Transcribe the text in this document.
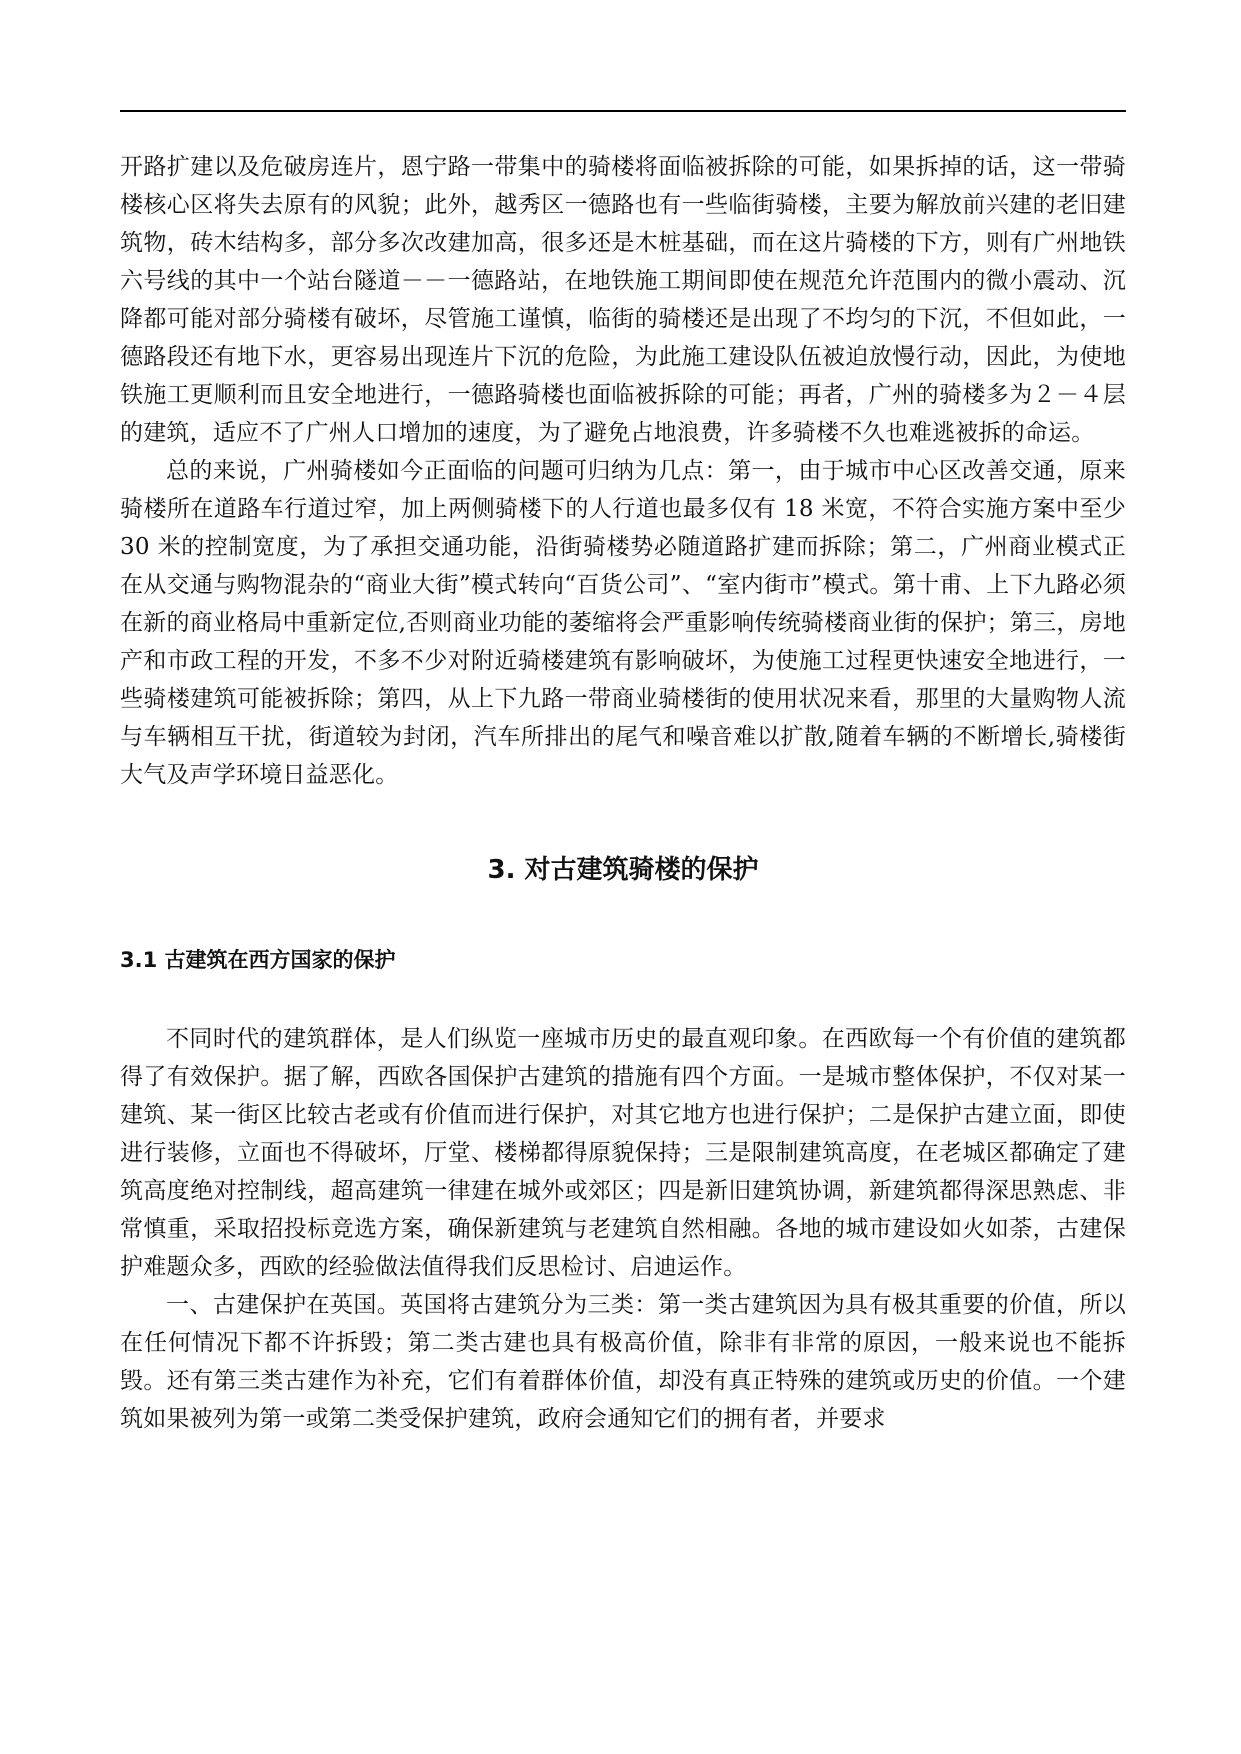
开路扩建以及危破房连片，恩宁路一带集中的骑楼将面临被拆除的可能，如果拆掉的话，这一带骑楼核心区将失去原有的风貌；此外，越秀区一德路也有一些临街骑楼，主要为解放前兴建的老旧建筑物，砖木结构多，部分多次改建加高，很多还是木桩基础，而在这片骑楼的下方，则有广州地铁六号线的其中一个站台隧道－－一德路站，在地铁施工期间即使在规范允许范围内的微小震动、沉降都可能对部分骑楼有破坏，尽管施工谨慎，临街的骑楼还是出现了不均匀的下沉，不但如此，一德路段还有地下水，更容易出现连片下沉的危险，为此施工建设队伍被迫放慢行动，因此，为使地铁施工更顺利而且安全地进行，一德路骑楼也面临被拆除的可能；再者，广州的骑楼多为２－４层的建筑，适应不了广州人口增加的速度，为了避免占地浪费，许多骑楼不久也难逃被拆的命运。

总的来说，广州骑楼如今正面临的问题可归纳为几点：第一，由于城市中心区改善交通，原来骑楼所在道路车行道过窄，加上两侧骑楼下的人行道也最多仅有 18 米宽，不符合实施方案中至少 30 米的控制宽度，为了承担交通功能，沿街骑楼势必随道路扩建而拆除；第二，广州商业模式正在从交通与购物混杂的“商业大街”模式转向“百货公司”、“室内街市”模式。第十甫、上下九路必须在新的商业格局中重新定位,否则商业功能的萎缩将会严重影响传统骑楼商业街的保护；第三，房地产和市政工程的开发，不多不少对附近骑楼建筑有影响破坏，为使施工过程更快速安全地进行，一些骑楼建筑可能被拆除；第四，从上下九路一带商业骑楼街的使用状况来看，那里的大量购物人流与车辆相互干扰，街道较为封闭，汽车所排出的尾气和噪音难以扩散,随着车辆的不断增长,骑楼街大气及声学环境日益恶化。

3. 对古建筑骑楼的保护
3.1 古建筑在西方国家的保护

不同时代的建筑群体，是人们纵览一座城市历史的最直观印象。在西欧每一个有价值的建筑都得了有效保护。据了解，西欧各国保护古建筑的措施有四个方面。一是城市整体保护，不仅对某一建筑、某一街区比较古老或有价值而进行保护，对其它地方也进行保护；二是保护古建立面，即使进行装修，立面也不得破坏，厅堂、楼梯都得原貌保持；三是限制建筑高度，在老城区都确定了建筑高度绝对控制线，超高建筑一律建在城外或郊区；四是新旧建筑协调，新建筑都得深思熟虑、非常慎重，采取招投标竞选方案，确保新建筑与老建筑自然相融。各地的城市建设如火如荼，古建保护难题众多，西欧的经验做法值得我们反思检讨、启迪运作。

一、古建保护在英国。英国将古建筑分为三类：第一类古建筑因为具有极其重要的价值，所以在任何情况下都不许拆毁；第二类古建也具有极高价值，除非有非常的原因，一般来说也不能拆毁。还有第三类古建作为补充，它们有着群体价值，却没有真正特殊的建筑或历史的价值。一个建筑如果被列为第一或第二类受保护建筑，政府会通知它们的拥有者，并要求
